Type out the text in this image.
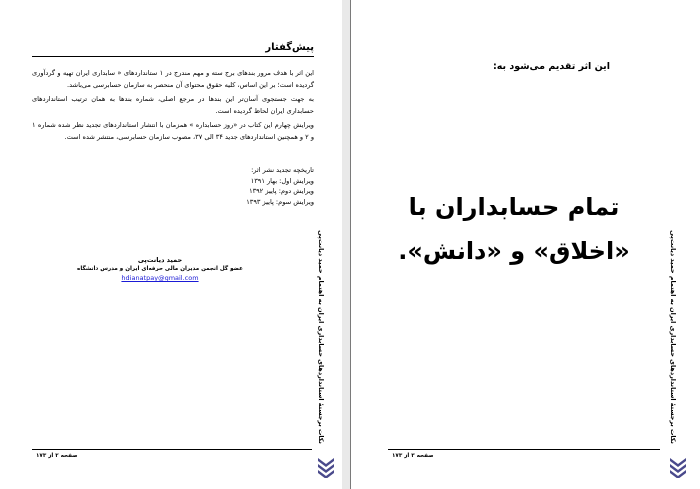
پیش‌گفتار

این اثر با هدف مرور بندهای برج سته و مهم مندرج در ۱ ستانداردهای « سابداری ایران تهیه و گردآوری گردیده است؛ بر این اساس، کلیه حقوق محتوای آن منحصر به سازمان حسابرسی می‌باشد.

به جهت جستجوی آسان‌تر این بندها در مرجع اصلی، شماره بندها به همان ترتیب استانداردهای حسابداری ایران لحاظ گردیده است.

ویرایش چهارم این کتاب در «روز حسابداره » همزمان با انتشار استانداردهای تجدید نظر شده شماره ۱ و ۲ و همچنین استانداردهای جدید ۳۴ الی ۳۷، مصوب سازمان حسابرسی، منتشر شده است.

تاریخچه تجدید نشر اثر:
ویرایش اول: بهار ۱۳۹۱
ویرایش دوم: پاییز ۱۳۹۲
ویرایش سوم: پاییز ۱۳۹۳
حمید دیانت‌پی
عضو گل انجمن مدیران مالی حرفه‌ای ایران و مدرس دانشگاه
hdianatpay@gmail.com	نکات برجستهٔ استانداردهای حسابداری ایران به اهتمام حمید دیانت‌پی
صفحه ۲ از ۱۷۳
این اثر تقدیم می‌شود به:
تمام حسابداران با
«اخلاق» و «دانش».	نکات برجستهٔ استانداردهای حسابداری ایران به اهتمام حمید دیانت‌پی
صفحه ۳ از ۱۷۳
